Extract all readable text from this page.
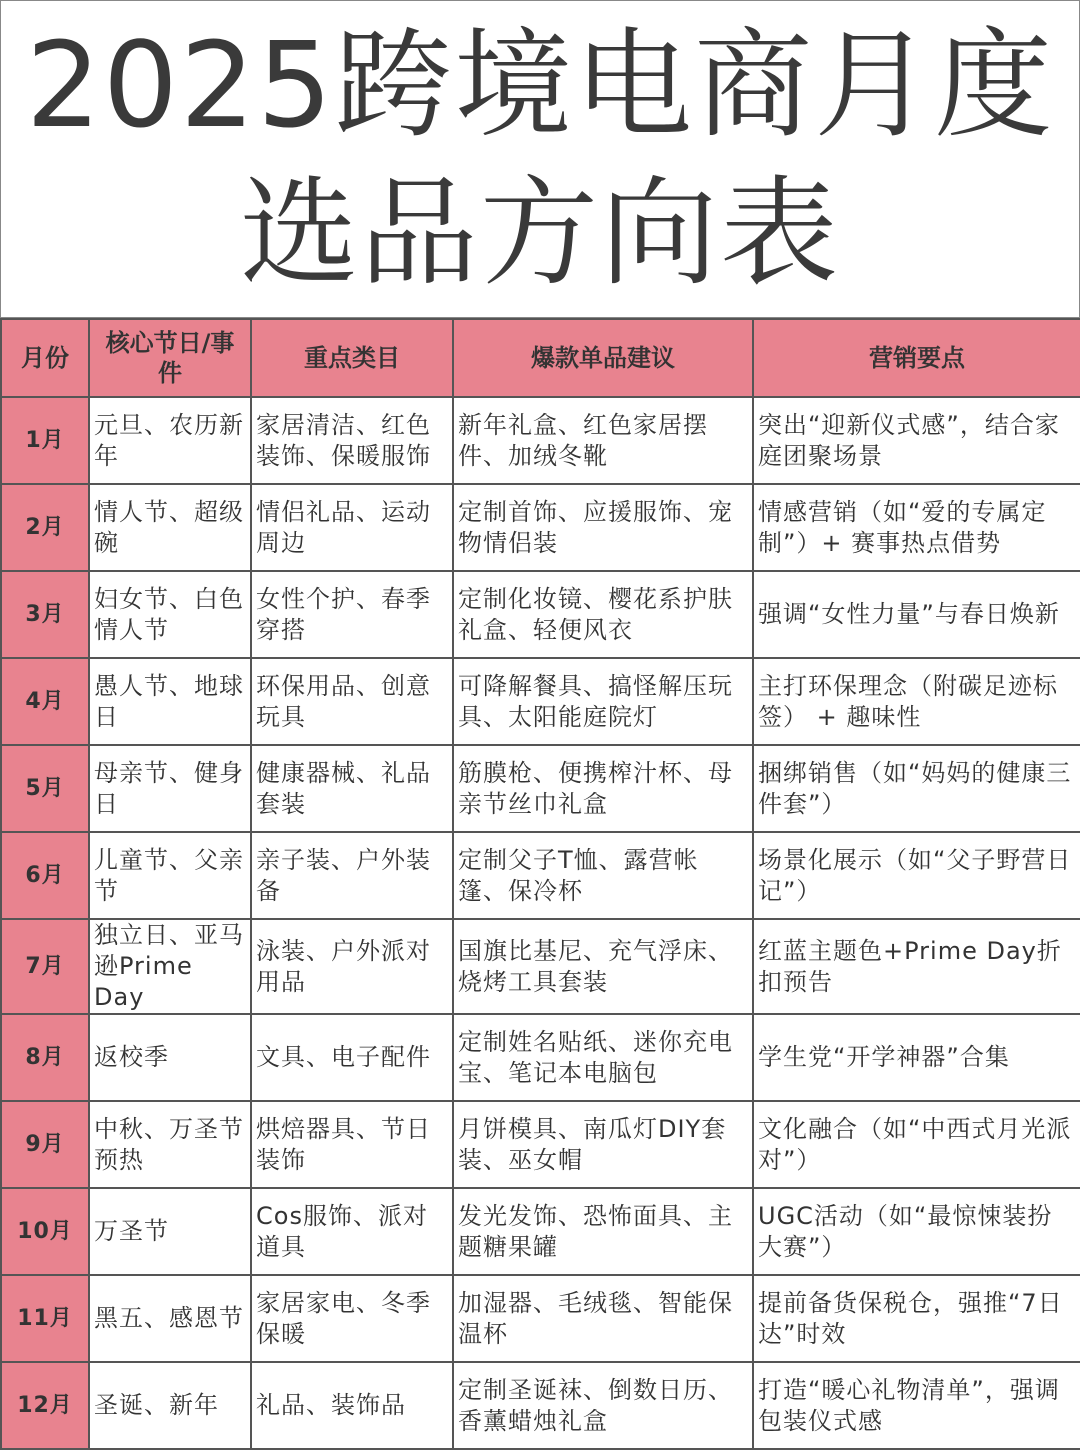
2025跨境电商月度
选品方向表
月份	核心节日/事件	重点类目	爆款单品建议	营销要点
1月	元旦、农历新年	家居清洁、红色装饰、保暖服饰	新年礼盒、红色家居摆件、加绒冬靴	突出“迎新仪式感”，结合家庭团聚场景
2月	情人节、超级碗	情侣礼品、运动周边	定制首饰、应援服饰、宠物情侣装	情感营销（如“爱的专属定制”）+ 赛事热点借势
3月	妇女节、白色情人节	女性个护、春季穿搭	定制化妆镜、樱花系护肤礼盒、轻便风衣	强调“女性力量”与春日焕新
4月	愚人节、地球日	环保用品、创意玩具	可降解餐具、搞怪解压玩具、太阳能庭院灯	主打环保理念（附碳足迹标签） + 趣味性
5月	母亲节、健身日	健康器械、礼品套装	筋膜枪、便携榨汁杯、母亲节丝巾礼盒	捆绑销售（如“妈妈的健康三件套”）
6月	儿童节、父亲节	亲子装、户外装备	定制父子T恤、露营帐篷、保冷杯	场景化展示（如“父子野营日记”）
7月	独立日、亚马逊Prime Day	泳装、户外派对用品	国旗比基尼、充气浮床、烧烤工具套装	红蓝主题色+Prime Day折扣预告
8月	返校季	文具、电子配件	定制姓名贴纸、迷你充电宝、笔记本电脑包	学生党“开学神器”合集
9月	中秋、万圣节预热	烘焙器具、节日装饰	月饼模具、南瓜灯DIY套装、巫女帽	文化融合（如“中西式月光派对”）
10月	万圣节	Cos服饰、派对道具	发光发饰、恐怖面具、主题糖果罐	UGC活动（如“最惊悚装扮大赛”）
11月	黑五、感恩节	家居家电、冬季保暖	加湿器、毛绒毯、智能保温杯	提前备货保税仓，强推“7日达”时效
12月	圣诞、新年	礼品、装饰品	定制圣诞袜、倒数日历、香薰蜡烛礼盒	打造“暖心礼物清单”，强调包装仪式感
